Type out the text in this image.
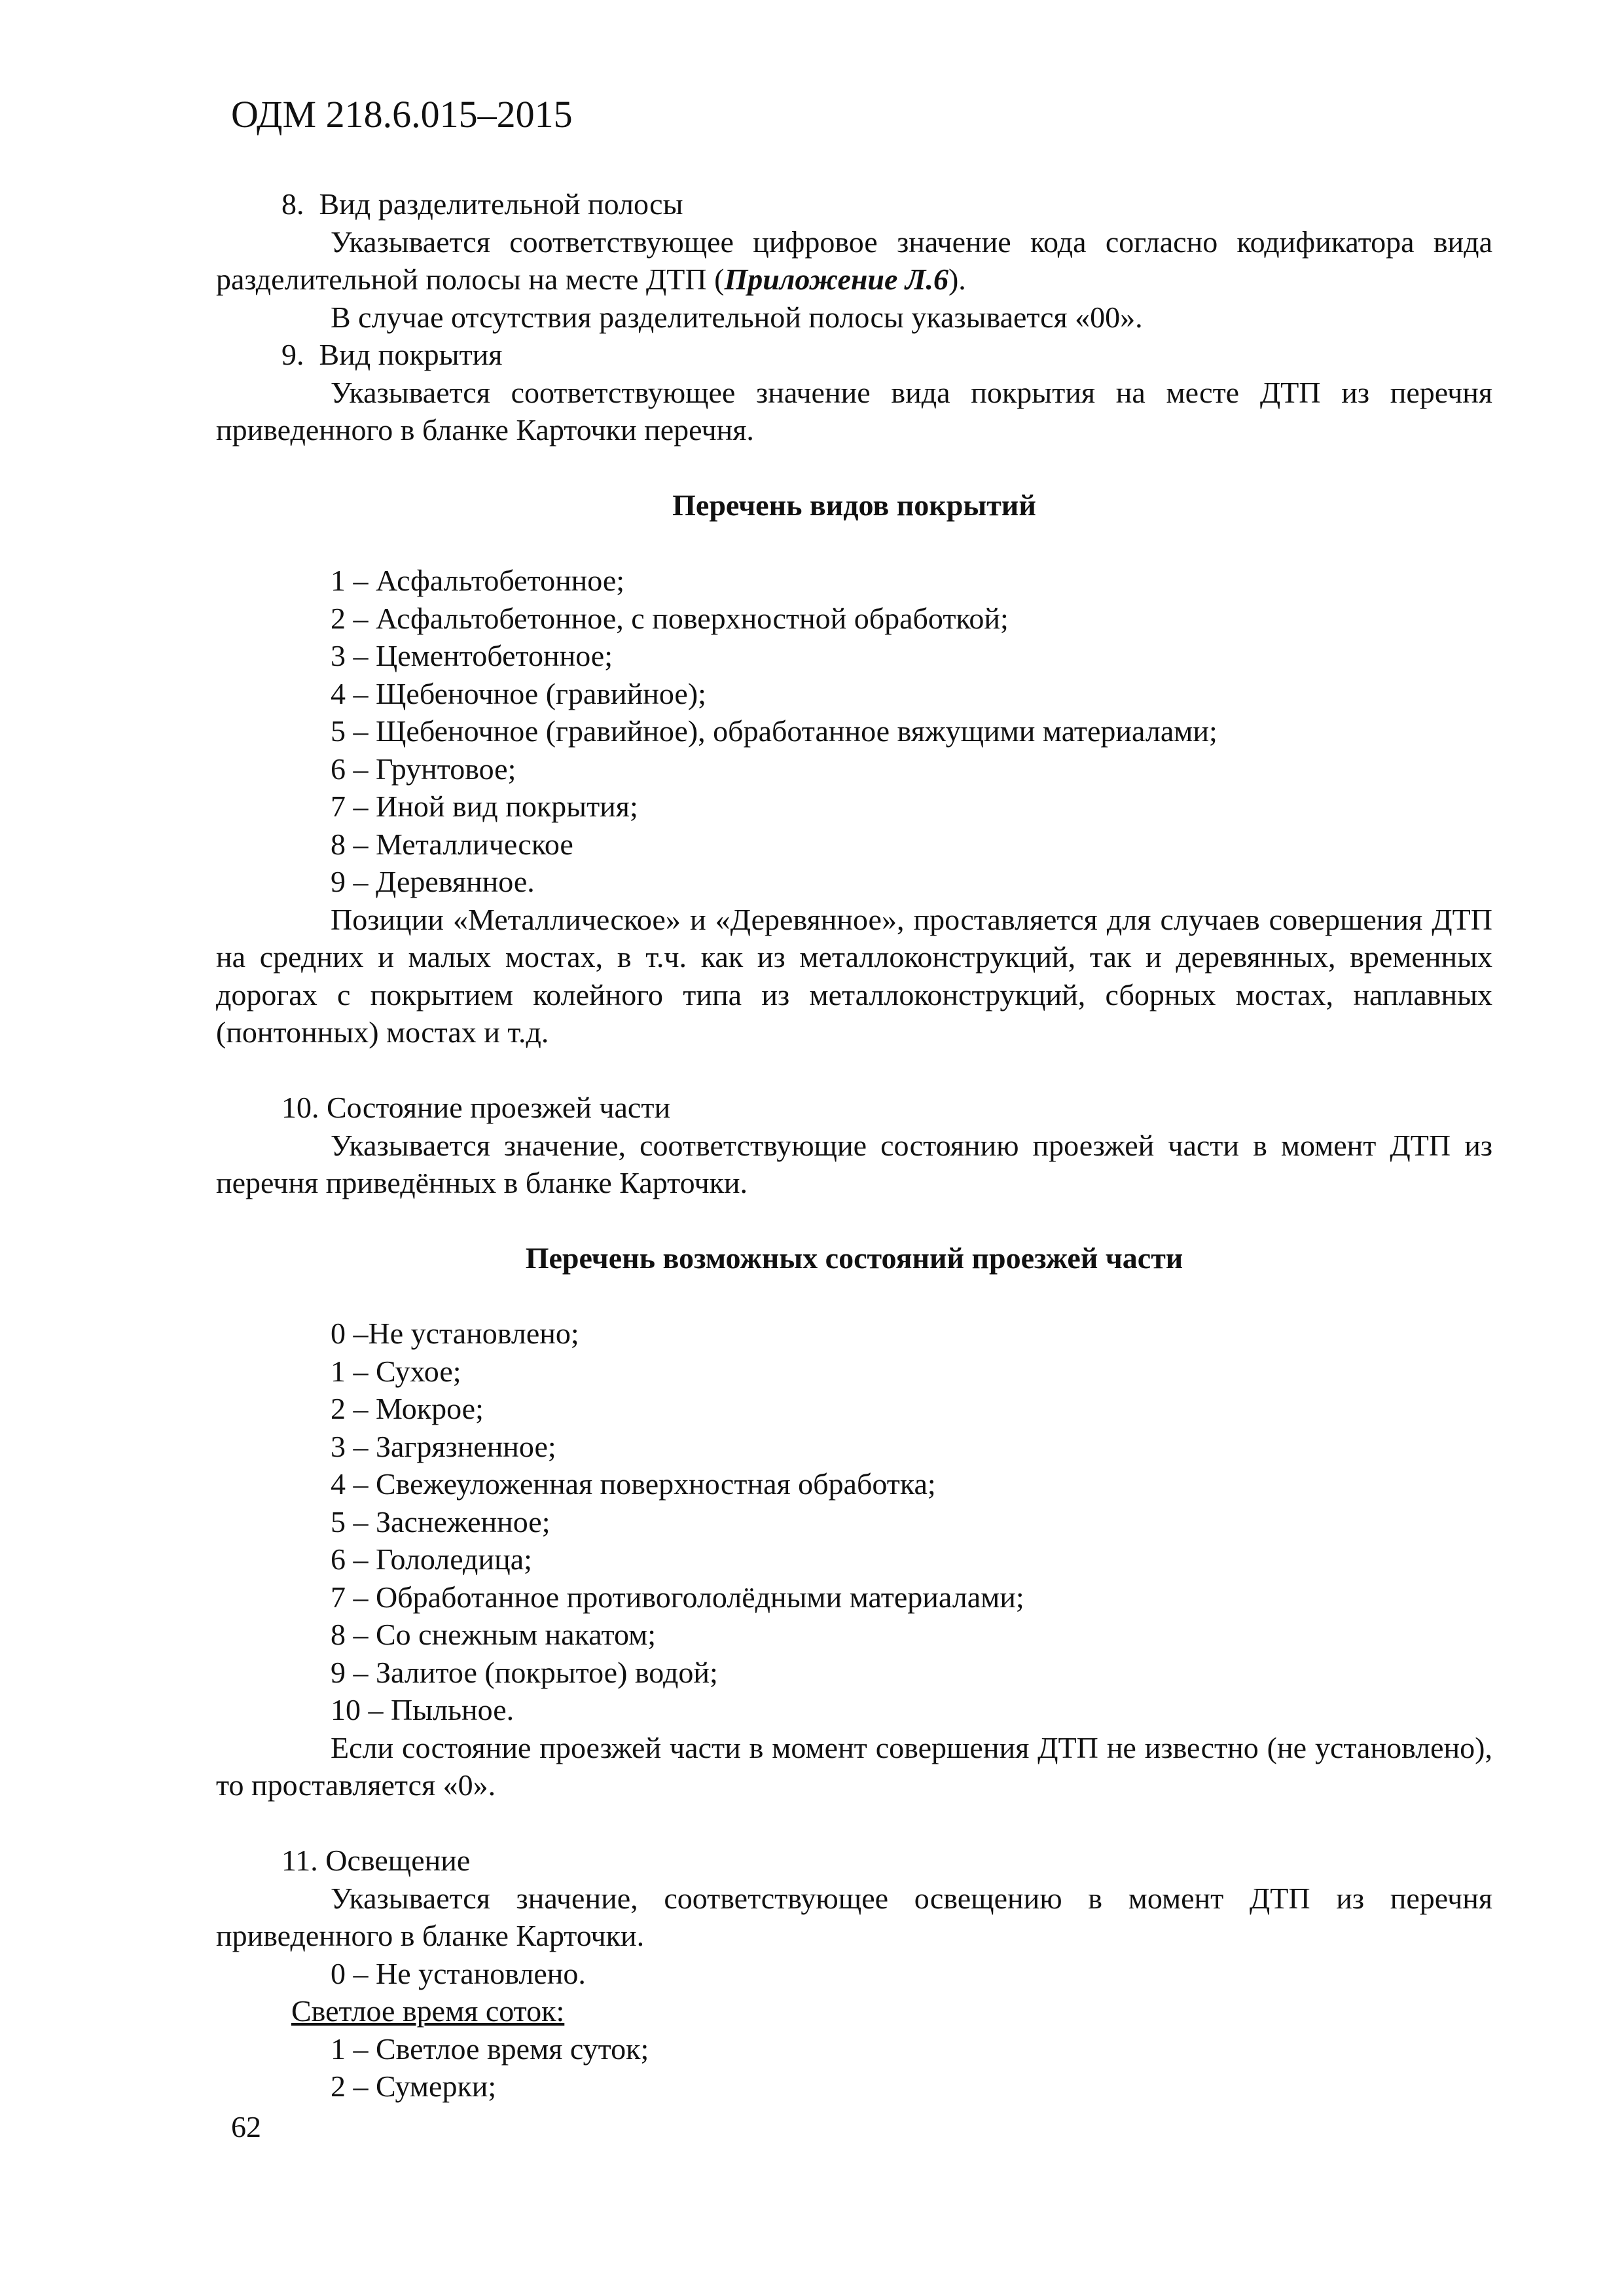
ОДМ 218.6.015–2015

8. Вид разделительной полосы

Указывается соответствующее цифровое значение кода согласно кодификатора вида разделительной полосы на месте ДТП (Приложение Л.6).

В случае отсутствия разделительной полосы указывается «00».

9. Вид покрытия

Указывается соответствующее значение вида покрытия на месте ДТП из перечня приведенного в бланке Карточки перечня.

Перечень видов покрытий

1 – Асфальтобетонное;
2 – Асфальтобетонное, с поверхностной обработкой;
3 – Цементобетонное;
4 – Щебеночное (гравийное);
5 – Щебеночное (гравийное), обработанное вяжущими материалами;
6 – Грунтовое;
7 – Иной вид покрытия;
8 – Металлическое
9 – Деревянное.

Позиции «Металлическое» и «Деревянное», проставляется для случаев совершения ДТП на средних и малых мостах, в т.ч. как из металлоконструкций, так и деревянных, временных дорогах с покрытием колейного типа из металлоконструкций, сборных мостах, наплавных (понтонных) мостах и т.д.

10. Состояние проезжей части

Указывается значение, соответствующие состоянию проезжей части в момент ДТП из перечня приведённых в бланке Карточки.

Перечень возможных состояний проезжей части

0 –Не установлено;
1 – Сухое;
2 – Мокрое;
3 – Загрязненное;
4 – Свежеуложенная поверхностная обработка;
5 – Заснеженное;
6 – Гололедица;
7 – Обработанное противогололёдными материалами;
8 – Со снежным накатом;
9 – Залитое (покрытое) водой;
10 – Пыльное.

Если состояние проезжей части в момент совершения ДТП не известно (не установлено), то проставляется «0».

11. Освещение

Указывается значение, соответствующее освещению в момент ДТП из перечня приведенного в бланке Карточки.

0 – Не установлено.

Светлое время соток:

1 – Светлое время суток;
2 – Сумерки;
62
